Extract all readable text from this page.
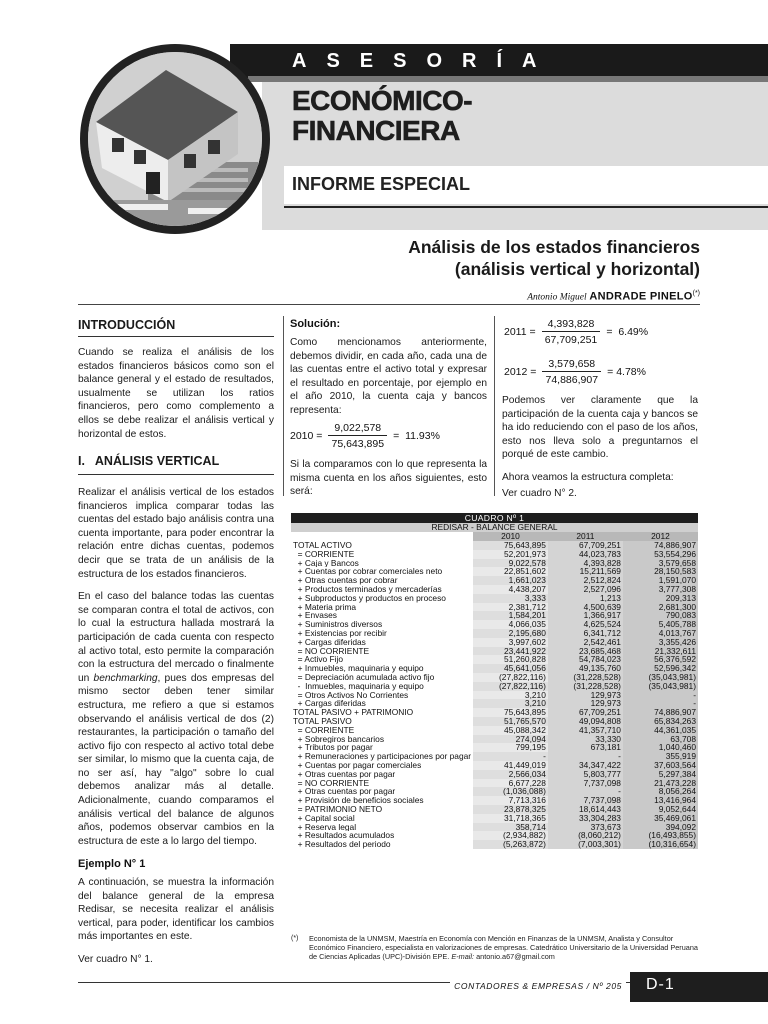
ASESORÍA
ECONÓMICO-
FINANCIERA
INFORME ESPECIAL
Análisis de los estados financieros
(análisis vertical y horizontal)
Antonio Miguel ANDRADE PINELO(*)
INTRODUCCIÓN

Cuando se realiza el análisis de los estados financieros básicos como son el balance general y el estado de resultados, usualmente se utilizan los ratios financieros, pero como complemento a ellos se debe realizar el análisis vertical y horizontal de estos.

I.   ANÁLISIS VERTICAL

Realizar el análisis vertical de los estados financieros implica comparar todas las cuentas del estado bajo análisis contra una cuenta importante, para poder encontrar la relación entre dichas cuentas, podemos decir que se trata de un análisis de la estructura de los estados financieros.

En el caso del balance todas las cuentas se comparan contra el total de activos, con lo cual la estructura hallada mostrará la participación de cada cuenta con respecto al activo total, esto permite la comparación con la estructura del mercado o finalmente un benchmarking, pues dos empresas del mismo sector deben tener similar estructura, me refiero a que si estamos observando el análisis vertical de dos (2) restaurantes, la participación o tamaño del activo fijo con respecto al activo total debe ser similar, lo mismo que la cuenta caja, de no ser así, hay "algo" sobre lo cual debemos analizar más al detalle. Adicionalmente, cuando comparamos el análisis vertical del balance de algunos años, podemos observar cambios en la estructura de este a lo largo del tiempo.

Ejemplo N° 1

A continuación, se muestra la información del balance general de la empresa Redisar, se necesita realizar el análisis vertical, para poder, identificar los cambios más importantes en este.

Ver cuadro N° 1.

Solución:

Como mencionamos anteriormente, debemos dividir, en cada año, cada una de las cuentas entre el activo total y expresar el resultado en porcentaje, por ejemplo en el año 2010, la cuenta caja y bancos representa:

$2010 = \frac{9,022,578}{75,643,895} = 11.93\%$

Si la comparamos con lo que representa la misma cuenta en los años siguientes, esto será:

$2011 = \frac{4,393,828}{67,709,251} = 6.49\%$
$2012 = \frac{3,579,658}{74,886,907} = 4.78\%$

Podemos ver claramente que la participación de la cuenta caja y bancos se ha ido reduciendo con el paso de los años, esto nos lleva solo a preguntarnos el porqué de este cambio.

Ahora veamos la estructura completa:

Ver cuadro N° 2.

CUADRO Nº 1			
REDISAR - BALANCE GENERAL			
	2010	2011	2012
TOTAL ACTIVO	75,643,895	67,709,251	74,886,907
= CORRIENTE	52,201,973	44,023,783	53,554,296
+ Caja y Bancos	9,022,578	4,393,828	3,579,658
+ Cuentas por cobrar comerciales neto	22,851,602	15,211,569	28,150,583
+ Otras cuentas por cobrar	1,661,023	2,512,824	1,591,070
+ Productos terminados y mercaderías	4,438,207	2,527,096	3,777,308
+ Subproductos y productos en proceso	3,333	1,213	209,313
+ Materia prima	2,381,712	4,500,639	2,681,300
+ Envases	1,584,201	1,366,917	790,083
+ Suministros diversos	4,066,035	4,625,524	5,405,788
+ Existencias por recibir	2,195,680	6,341,712	4,013,767
+ Cargas diferidas	3,997,602	2,542,461	3,355,426
= NO CORRIENTE	23,441,922	23,685,468	21,332,611
= Activo Fijo	51,260,828	54,784,023	56,376,592
+ Inmuebles, maquinaria y equipo	45,641,056	49,135,760	52,596,342
= Depreciación acumulada activo fijo	(27,822,116)	(31,228,528)	(35,043,981)
-  Inmuebles, maquinaria y equipo	(27,822,116)	(31,228,528)	(35,043,981)
= Otros Activos No Corrientes	3,210	129,973	-
+ Cargas diferidas	3,210	129,973	-
TOTAL PASIVO + PATRIMONIO	75,643,895	67,709,251	74,886,907
TOTAL PASIVO	51,765,570	49,094,808	65,834,263
= CORRIENTE	45,088,342	41,357,710	44,361,035
+ Sobregiros bancarios	274,094	33,330	63,708
+ Tributos por pagar	799,195	673,181	1,040,460
+ Remuneraciones y participaciones por pagar	-	-	355,919
+ Cuentas por pagar comerciales	41,449,019	34,347,422	37,603,564
+ Otras cuentas por pagar	2,566,034	5,803,777	5,297,384
= NO CORRIENTE	6,677,228	7,737,098	21,473,228
+ Otras cuentas por pagar	(1,036,088)	-	8,056,264
+ Provisión de beneficios sociales	7,713,316	7,737,098	13,416,964
= PATRIMONIO NETO	23,878,325	18,614,443	9,052,644
+ Capital social	31,718,365	33,304,283	35,469,061
+ Reserva legal	358,714	373,673	394,092
+ Resultados acumulados	(2,934,882)	(8,060,212)	(16,493,855)
+ Resultados del periodo	(5,263,872)	(7,003,301)	(10,316,654)
(*) Economista de la UNMSM, Maestría en Economía con Mención en Finanzas de la UNMSM, Analista y Consultor Económico Financiero, especialista en valorizaciones de empresas. Catedrático Universitario de la Universidad Peruana de Ciencias Aplicadas (UPC)-División EPE. E-mail: antonio.a67@gmail.com
CONTADORES & EMPRESAS / Nº 205	D-1
